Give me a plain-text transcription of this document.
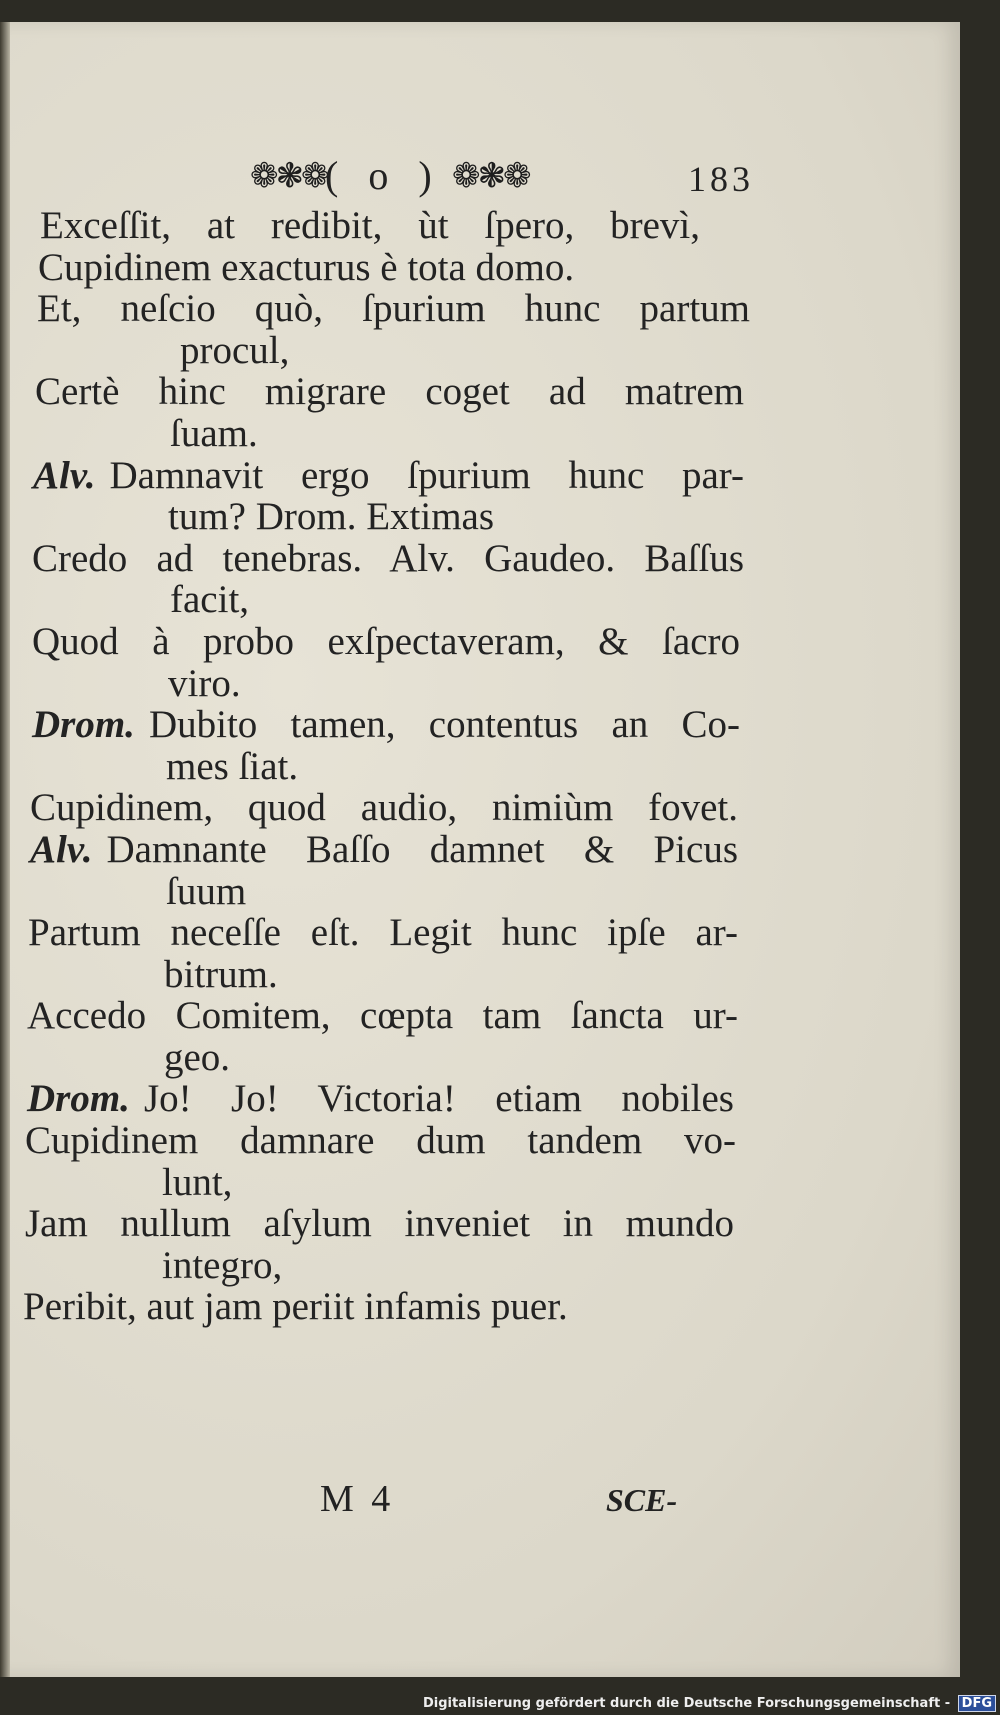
❁❃❁
( o ) ❁❃❁	183
Exceſſit, at redibit, ùt ſpero, brevì,
Cupidinem exacturus è tota domo.
Et, neſcio quò, ſpurium hunc partum
procul,
Certè hinc migrare coget ad matrem
ſuam.
Alv. Damnavit ergo ſpurium hunc par-
tum? Drom. Extimas
Credo ad tenebras. Alv. Gaudeo. Baſſus
facit,
Quod à probo exſpectaveram, & ſacro
viro.
Drom. Dubito tamen, contentus an Co-
mes ſiat.
Cupidinem, quod audio, nimiùm fovet.
Alv. Damnante Baſſo damnet & Picus
ſuum
Partum neceſſe eſt. Legit hunc ipſe ar-
bitrum.
Accedo Comitem, cœpta tam ſancta ur-
geo.
Drom. Jo! Jo! Victoria! etiam nobiles
Cupidinem damnare dum tandem vo-
lunt,
Jam nullum aſylum inveniet in mundo
integro,
Peribit, aut jam periit infamis puer.
M 4	SCE-
Digitalisierung gefördert durch die Deutsche Forschungsgemeinschaft - DFG
